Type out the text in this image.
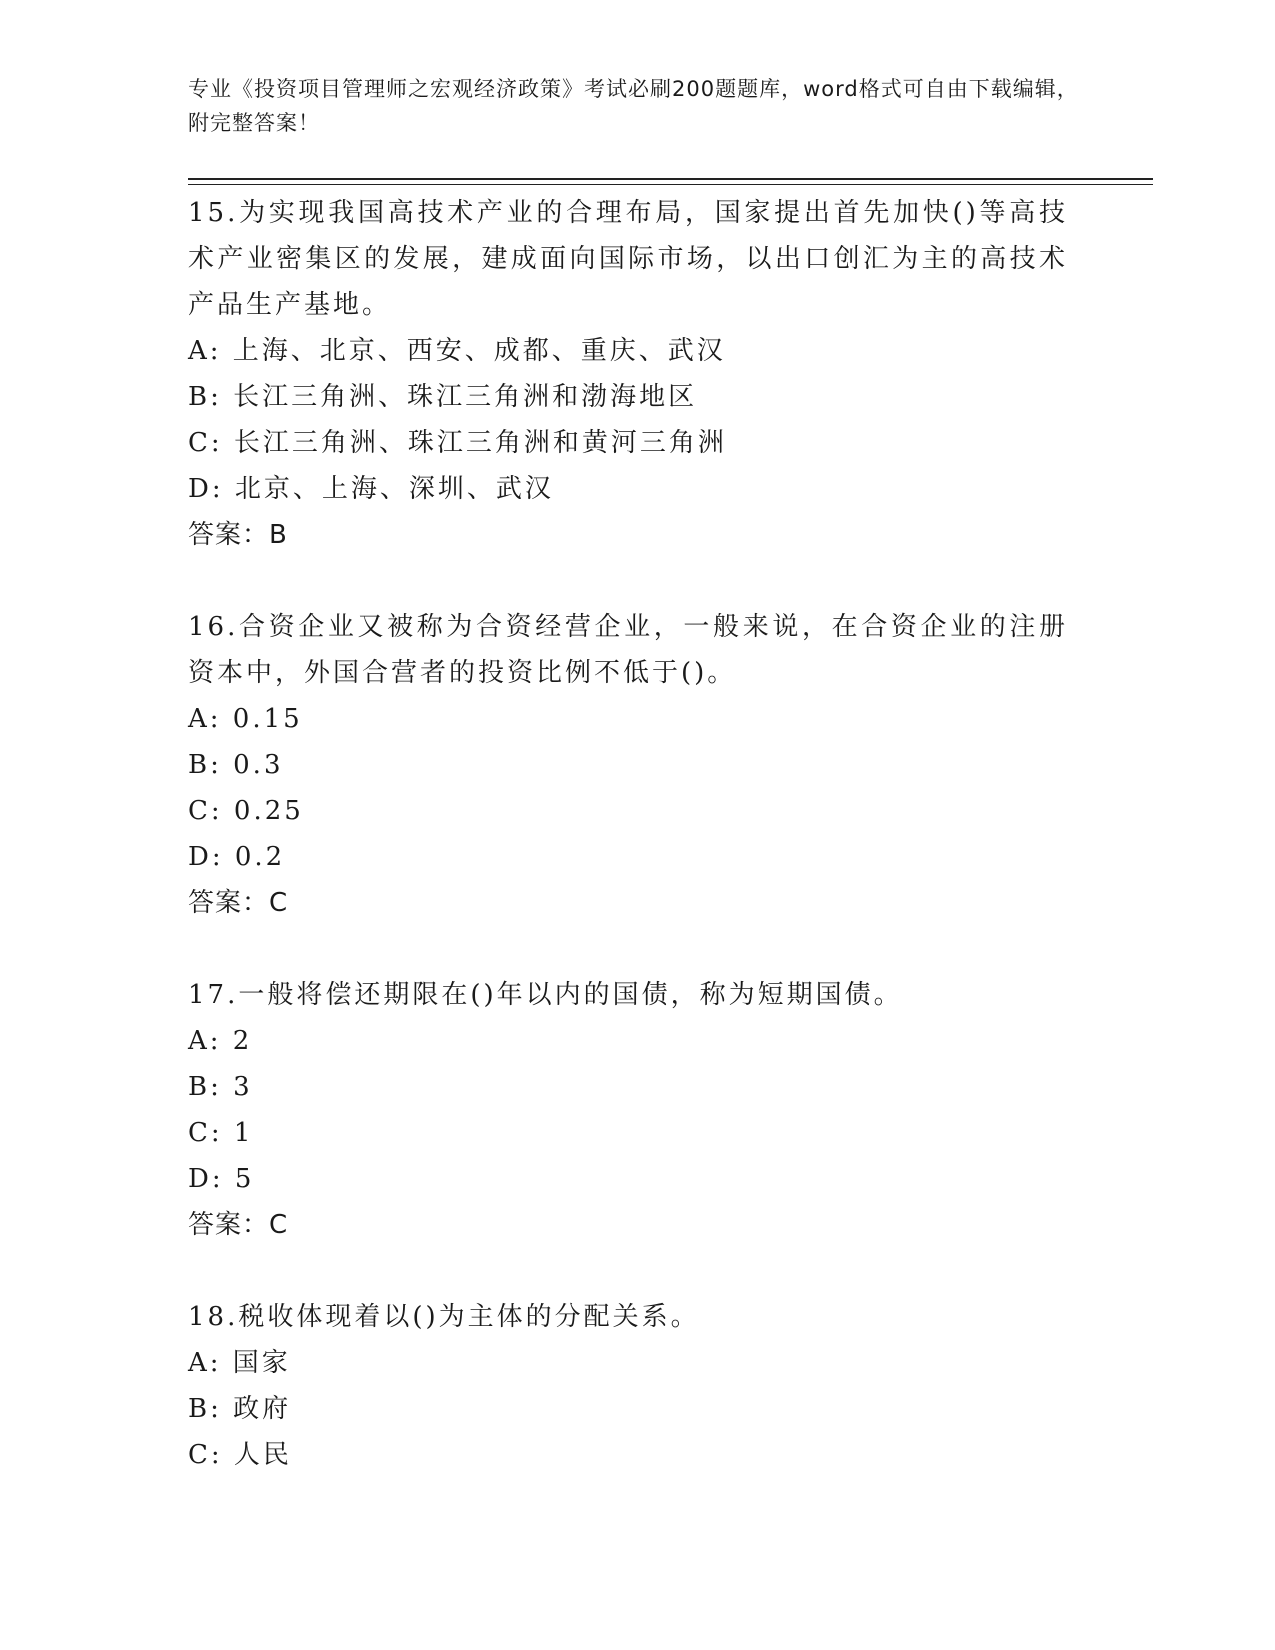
专业《投资项目管理师之宏观经济政策》考试必刷200题题库，word格式可自由下载编辑，附完整答案！

15.为实现我国高技术产业的合理布局，国家提出首先加快()等高技术产业密集区的发展，建成面向国际市场，以出口创汇为主的高技术产品生产基地。

A: 上海、北京、西安、成都、重庆、武汉

B: 长江三角洲、珠江三角洲和渤海地区

C: 长江三角洲、珠江三角洲和黄河三角洲

D: 北京、上海、深圳、武汉

答案：B

16.合资企业又被称为合资经营企业，一般来说，在合资企业的注册资本中，外国合营者的投资比例不低于()。

A: 0.15

B: 0.3

C: 0.25

D: 0.2

答案：C

17.一般将偿还期限在()年以内的国债，称为短期国债。

A: 2

B: 3

C: 1

D: 5

答案：C

18.税收体现着以()为主体的分配关系。

A: 国家

B: 政府

C: 人民
